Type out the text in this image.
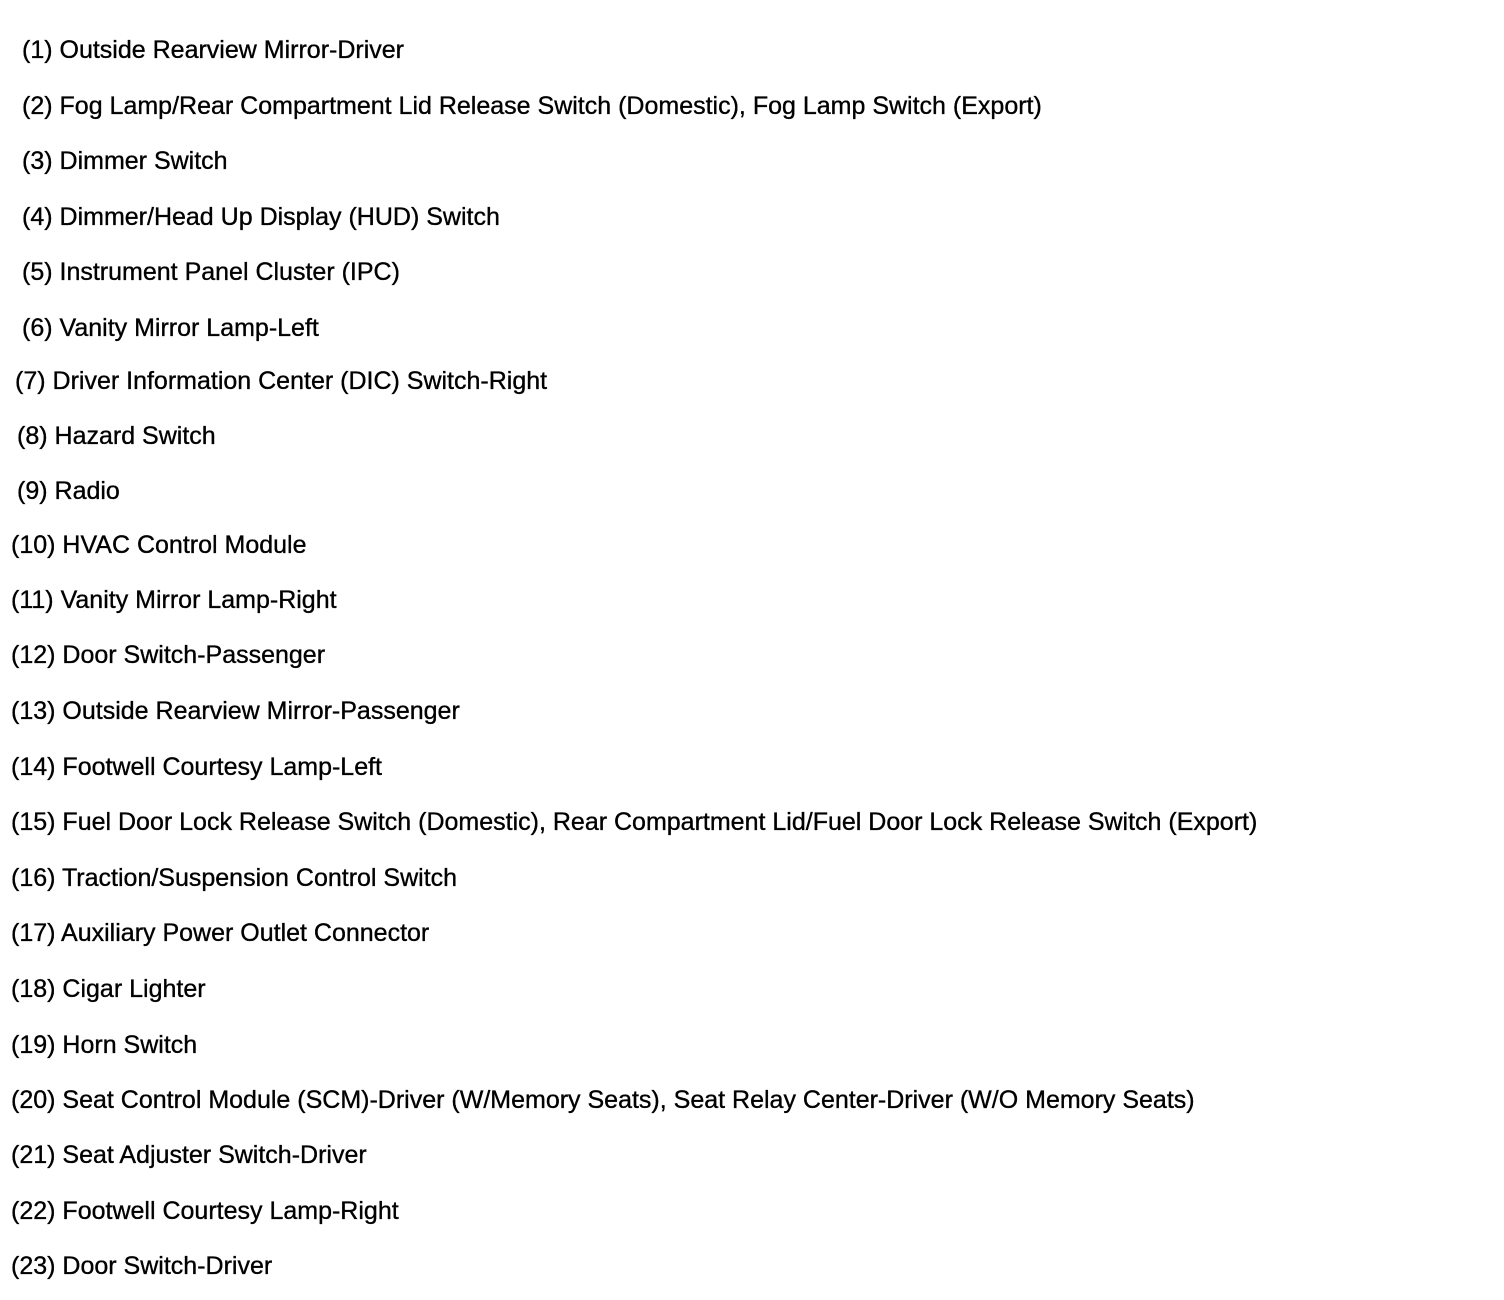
(1) Outside Rearview Mirror-Driver
(2) Fog Lamp/Rear Compartment Lid Release Switch (Domestic), Fog Lamp Switch (Export)
(3) Dimmer Switch
(4) Dimmer/Head Up Display (HUD) Switch
(5) Instrument Panel Cluster (IPC)
(6) Vanity Mirror Lamp-Left
(7) Driver Information Center (DIC) Switch-Right
(8) Hazard Switch
(9) Radio
(10) HVAC Control Module
(11) Vanity Mirror Lamp-Right
(12) Door Switch-Passenger
(13) Outside Rearview Mirror-Passenger
(14) Footwell Courtesy Lamp-Left
(15) Fuel Door Lock Release Switch (Domestic), Rear Compartment Lid/Fuel Door Lock Release Switch (Export)
(16) Traction/Suspension Control Switch
(17) Auxiliary Power Outlet Connector
(18) Cigar Lighter
(19) Horn Switch
(20) Seat Control Module (SCM)-Driver (W/Memory Seats), Seat Relay Center-Driver (W/O Memory Seats)
(21) Seat Adjuster Switch-Driver
(22) Footwell Courtesy Lamp-Right
(23) Door Switch-Driver
